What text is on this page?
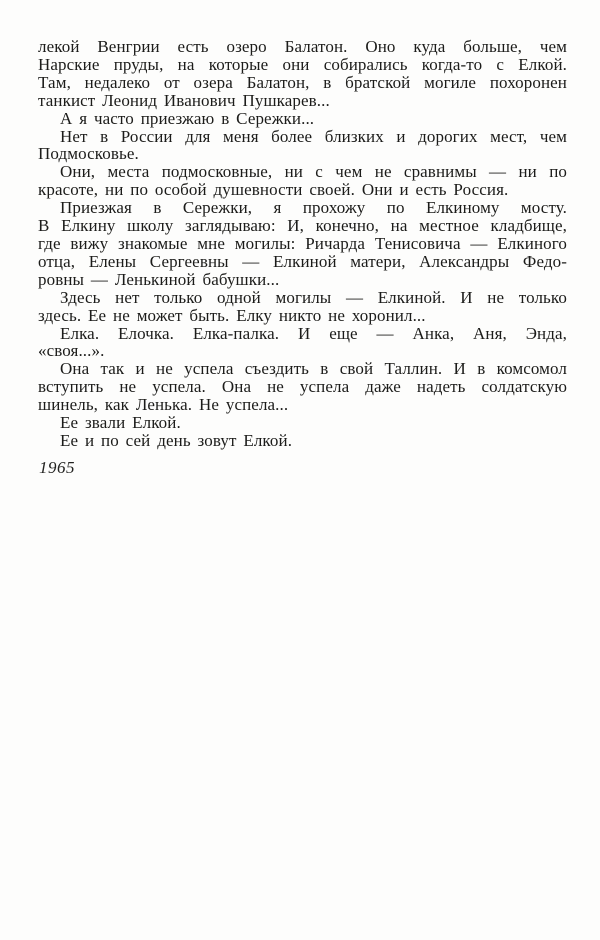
лекой Венгрии есть озеро Балатон. Оно куда больше, чем
Нарские пруды, на которые они собирались когда-то с Елкой.
Там, недалеко от озера Балатон, в братской могиле похоронен
танкист Леонид Иванович Пушкарев...
А я часто приезжаю в Сережки...
Нет в России для меня более близких и дорогих мест, чем
Подмосковье.
Они, места подмосковные, ни с чем не сравнимы — ни по
красоте, ни по особой душевности своей. Они и есть Россия.
Приезжая в Сережки, я прохожу по Елкиному мосту.
В Елкину школу заглядываю: И, конечно, на местное кладбище,
где вижу знакомые мне могилы: Ричарда Тенисовича — Елкиного
отца, Елены Сергеевны — Елкиной матери, Александры Федо-
ровны — Ленькиной бабушки...
Здесь нет только одной могилы — Елкиной. И не только
здесь. Ее не может быть. Елку никто не хоронил...
Елка. Елочка. Елка-палка. И еще — Анка, Аня, Энда,
«своя...».
Она так и не успела съездить в свой Таллин. И в комсомол
вступить не успела. Она не успела даже надеть солдатскую
шинель, как Ленька. Не успела...
Ее звали Елкой.
Ее и по сей день зовут Елкой.
1965
